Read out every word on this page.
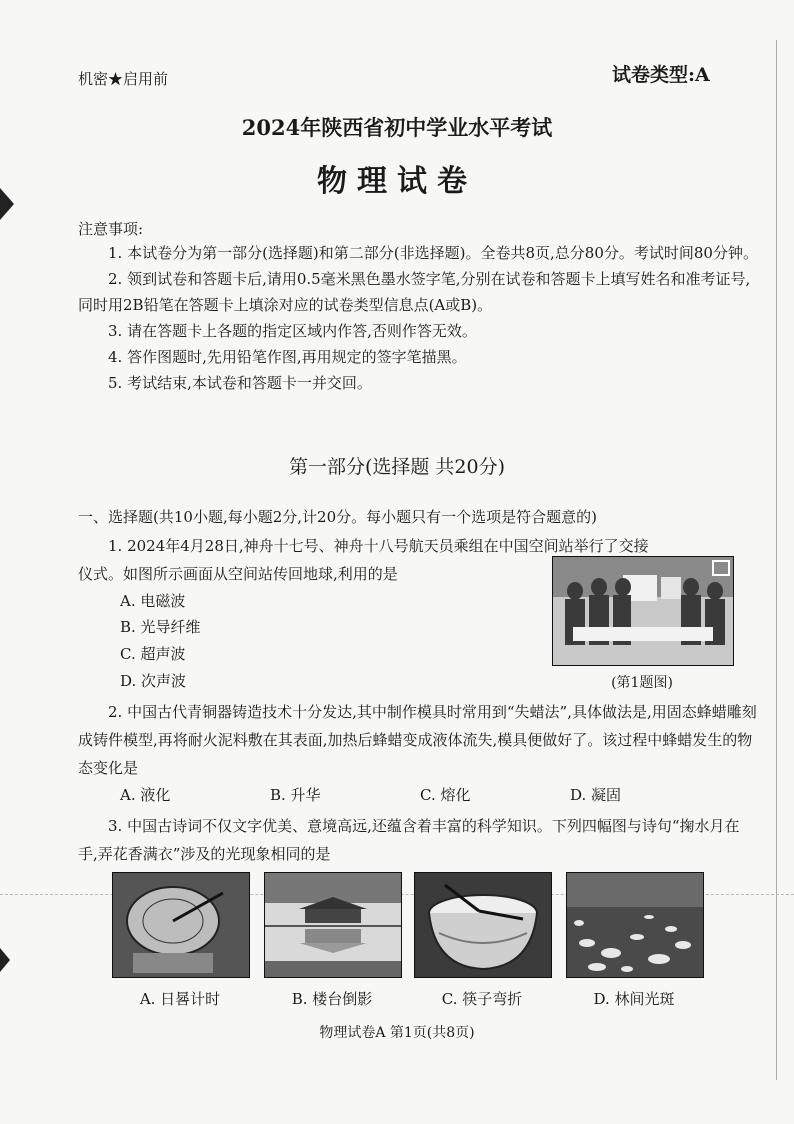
机密★启用前	试卷类型:A
2024年陕西省初中学业水平考试
物理试卷
注意事项:

1. 本试卷分为第一部分(选择题)和第二部分(非选择题)。全卷共8页,总分80分。考试时间80分钟。

2. 领到试卷和答题卡后,请用0.5毫米黑色墨水签字笔,分别在试卷和答题卡上填写姓名和准考证号,同时用2B铅笔在答题卡上填涂对应的试卷类型信息点(A或B)。

3. 请在答题卡上各题的指定区域内作答,否则作答无效。

4. 答作图题时,先用铅笔作图,再用规定的签字笔描黑。

5. 考试结束,本试卷和答题卡一并交回。

第一部分(选择题 共20分)
一、选择题(共10小题,每小题2分,计20分。每小题只有一个选项是符合题意的)

1. 2024年4月28日,神舟十七号、神舟十八号航天员乘组在中国空间站举行了交接

仪式。如图所示画面从空间站传回地球,利用的是

A. 电磁波
B. 光导纤维
C. 超声波
D. 次声波	(第1题图)

2. 中国古代青铜器铸造技术十分发达,其中制作模具时常用到“失蜡法”,具体做法是,用固态蜂蜡雕刻成铸件模型,再将耐火泥料敷在其表面,加热后蜂蜡变成液体流失,模具便做好了。该过程中蜂蜡发生的物态变化是

A. 液化	B. 升华	C. 熔化	D. 凝固

3. 中国古诗词不仅文字优美、意境高远,还蕴含着丰富的科学知识。下列四幅图与诗句“掬水月在手,弄花香满衣”涉及的光现象相同的是

A. 日晷计时	B. 楼台倒影	C. 筷子弯折	D. 林间光斑
物理试卷A 第1页(共8页)
